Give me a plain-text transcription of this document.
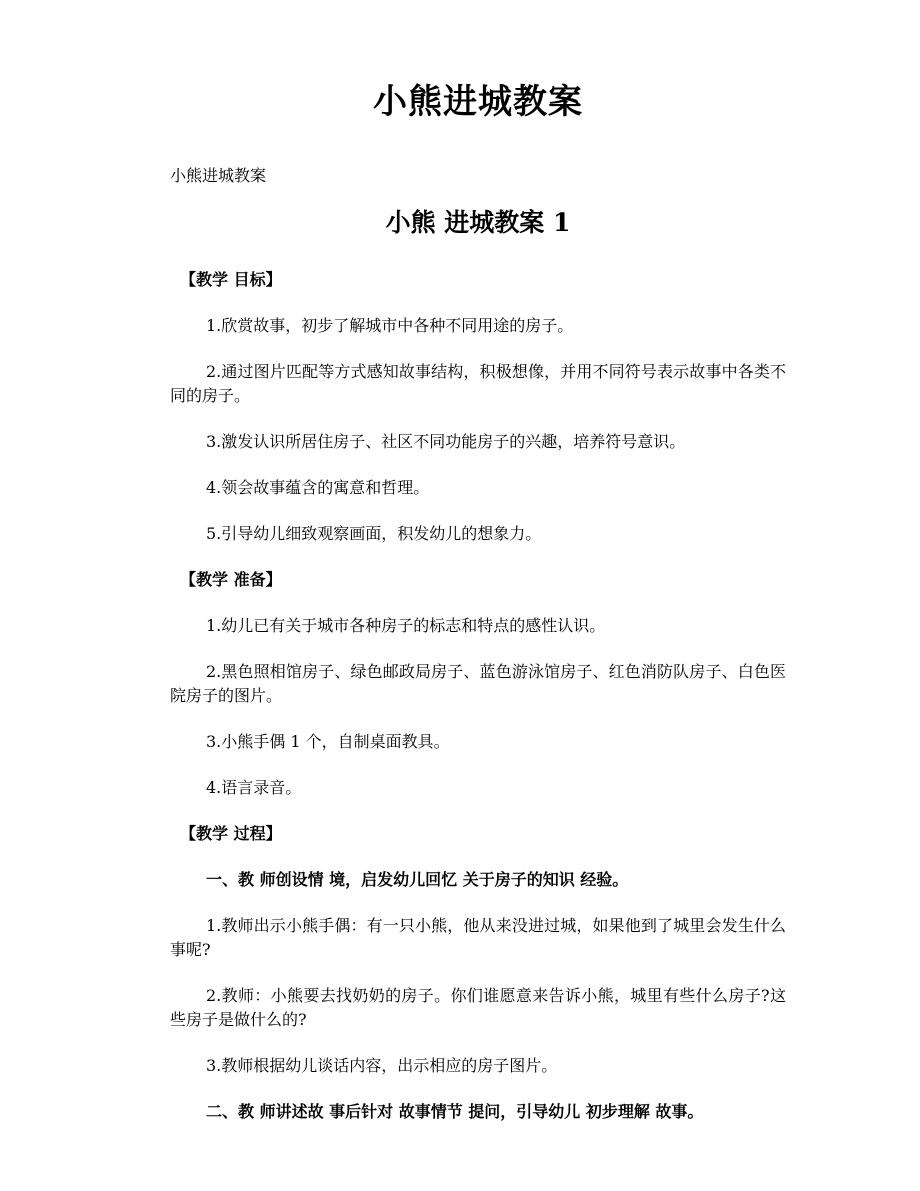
小熊进城教案

小熊进城教案

小熊 进城教案 1

【教学 目标】

1.欣赏故事，初步了解城市中各种不同用途的房子。

2.通过图片匹配等方式感知故事结构，积极想像，并用不同符号表示故事中各类不同的房子。

3.激发认识所居住房子、社区不同功能房子的兴趣，培养符号意识。

4.领会故事蕴含的寓意和哲理。

5.引导幼儿细致观察画面，积发幼儿的想象力。

【教学 准备】

1.幼儿已有关于城市各种房子的标志和特点的感性认识。

2.黑色照相馆房子、绿色邮政局房子、蓝色游泳馆房子、红色消防队房子、白色医院房子的图片。

3.小熊手偶 1 个，自制桌面教具。

4.语言录音。

【教学 过程】

一、教 师创设情 境，启发幼儿回忆 关于房子的知识 经验。

1.教师出示小熊手偶：有一只小熊，他从来没进过城，如果他到了城里会发生什么事呢?

2.教师：小熊要去找奶奶的房子。你们谁愿意来告诉小熊，城里有些什么房子?这些房子是做什么的?

3.教师根据幼儿谈话内容，出示相应的房子图片。

二、教 师讲述故 事后针对 故事情节 提问，引导幼儿 初步理解 故事。
